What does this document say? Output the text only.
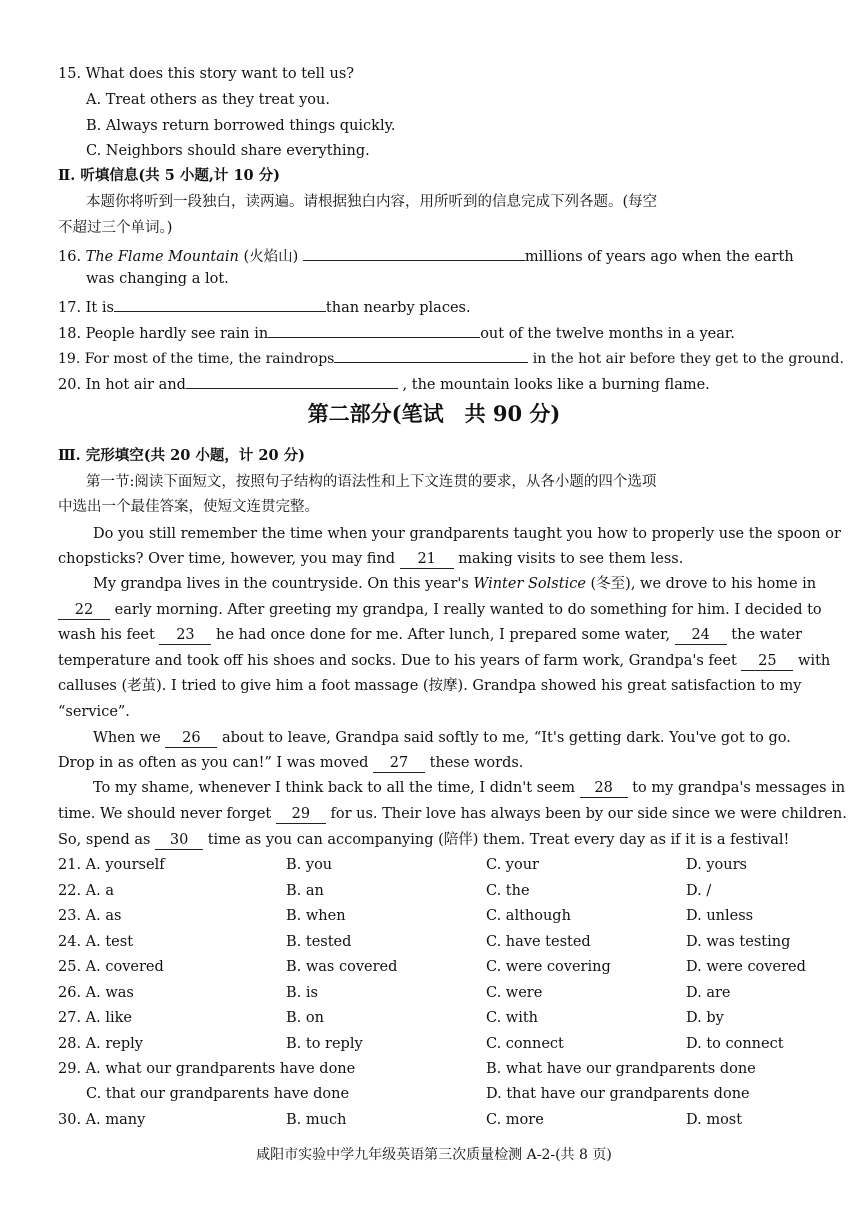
15. What does this story want to tell us?
A. Treat others as they treat you.
B. Always return borrowed things quickly.
C. Neighbors should share everything.
Ⅱ. 听填信息(共 5 小题,计 10 分)
本题你将听到一段独白，读两遍。请根据独白内容，用所听到的信息完成下列各题。(每空
不超过三个单词。)
16. The Flame Mountain (火焰山)	millions of years ago when the earth
was changing a lot.
17. It is	than nearby places.
18. People hardly see rain in	out of the twelve months in a year.
19. For most of the time, the raindrops	in the hot air before they get to the ground.
20. In hot air and	, the mountain looks like a burning flame.
第二部分(笔试　共 90 分)
Ⅲ. 完形填空(共 20 小题，计 20 分)
第一节:阅读下面短文，按照句子结构的语法性和上下文连贯的要求，从各小题的四个选项
中选出一个最佳答案，使短文连贯完整。
Do you still remember the time when your grandparents taught you how to properly use the spoon or
chopsticks? Over time, however, you may find 21 making visits to see them less.
My grandpa lives in the countryside. On this year's Winter Solstice (冬至), we drove to his home in
22 early morning. After greeting my grandpa, I really wanted to do something for him. I decided to
wash his feet 23 he had once done for me. After lunch, I prepared some water, 24 the water
temperature and took off his shoes and socks. Due to his years of farm work, Grandpa's feet 25 with
calluses (老茧). I tried to give him a foot massage (按摩). Grandpa showed his great satisfaction to my
“service”.
When we 26 about to leave, Grandpa said softly to me, “It's getting dark. You've got to go.
Drop in as often as you can!” I was moved 27 these words.
To my shame, whenever I think back to all the time, I didn't seem 28 to my grandpa's messages in
time. We should never forget 29 for us. Their love has always been by our side since we were children.
So, spend as 30 time as you can accompanying (陪伴) them. Treat every day as if it is a festival!
21. A. yourself	B. you	C. your	D. yours
22. A. a	B. an	C. the	D. /
23. A. as	B. when	C. although	D. unless
24. A. test	B. tested	C. have tested	D. was testing
25. A. covered	B. was covered	C. were covering	D. were covered
26. A. was	B. is	C. were	D. are
27. A. like	B. on	C. with	D. by
28. A. reply	B. to reply	C. connect	D. to connect
29. A. what our grandparents have done	B. what have our grandparents done
C. that our grandparents have done	D. that have our grandparents done
30. A. many	B. much	C. more	D. most
咸阳市实验中学九年级英语第三次质量检测 A-2-(共 8 页)
